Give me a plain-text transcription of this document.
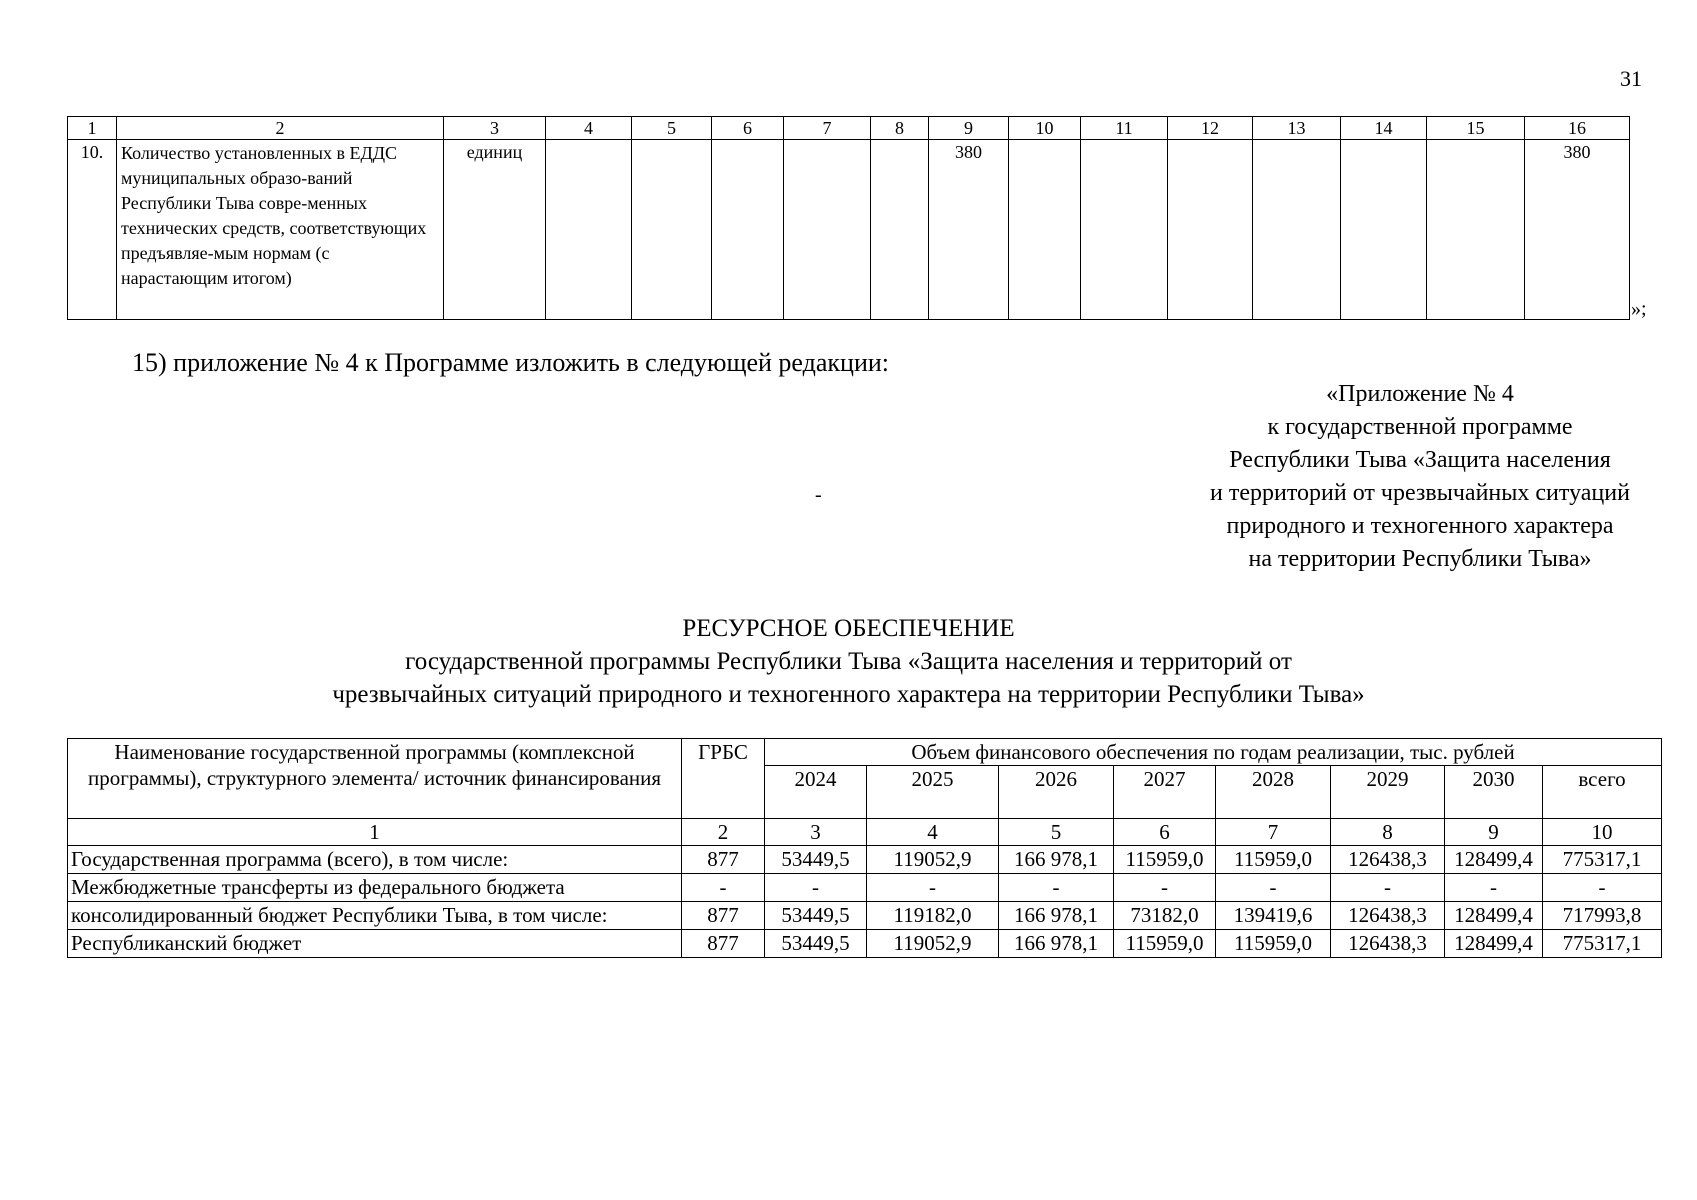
31
1	2	3	4	5	6	7	8	9	10	11	12	13	14	15	16
10.	Количество установленных в ЕДДС муниципальных образо-ваний Республики Тыва совре-менных технических средств, соответствующих предъявляе-мым нормам (с нарастающим итогом)	единиц						380							380
»;
15) приложение № 4 к Программе изложить в следующей редакции:
«Приложение № 4
к государственной программе
Республики Тыва «Защита населения
и территорий от чрезвычайных ситуаций
природного и техногенного характера
на территории Республики Тыва»
-
РЕСУРСНОЕ ОБЕСПЕЧЕНИЕ
государственной программы Республики Тыва «Защита населения и территорий от
чрезвычайных ситуаций природного и техногенного характера на территории Республики Тыва»
Наименование государственной программы (комплексной программы), структурного элемента/ источник финансирования	ГРБС	Объем финансового обеспечения по годам реализации, тыс. рублей							
		2024	2025	2026	2027	2028	2029	2030	всего
1	2	3	4	5	6	7	8	9	10
Государственная программа (всего), в том числе:	877	53449,5	119052,9	166 978,1	115959,0	115959,0	126438,3	128499,4	775317,1
Межбюджетные трансферты из федерального бюджета	-	-	-	-	-	-	-	-	-
консолидированный бюджет Республики Тыва, в том числе:	877	53449,5	119182,0	166 978,1	73182,0	139419,6	126438,3	128499,4	717993,8
Республиканский бюджет	877	53449,5	119052,9	166 978,1	115959,0	115959,0	126438,3	128499,4	775317,1
